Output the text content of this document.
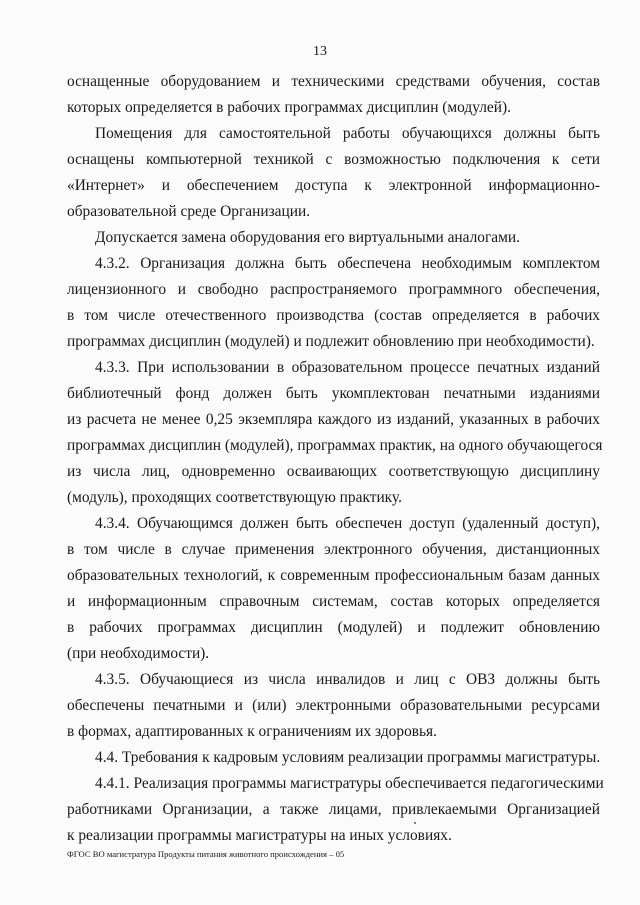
13
оснащенные оборудованием и техническими средствами обучения, состав
которых определяется в рабочих программах дисциплин (модулей).
Помещения для самостоятельной работы обучающихся должны быть
оснащены компьютерной техникой с возможностью подключения к сети
«Интернет» и обеспечением доступа к электронной информационно-
образовательной среде Организации.
Допускается замена оборудования его виртуальными аналогами.
4.3.2. Организация должна быть обеспечена необходимым комплектом
лицензионного и свободно распространяемого программного обеспечения,
в том числе отечественного производства (состав определяется в рабочих
программах дисциплин (модулей) и подлежит обновлению при необходимости).
4.3.3. При использовании в образовательном процессе печатных изданий
библиотечный фонд должен быть укомплектован печатными изданиями
из расчета не менее 0,25 экземпляра каждого из изданий, указанных в рабочих
программах дисциплин (модулей), программах практик, на одного обучающегося
из числа лиц, одновременно осваивающих соответствующую дисциплину
(модуль), проходящих соответствующую практику.
4.3.4. Обучающимся должен быть обеспечен доступ (удаленный доступ),
в том числе в случае применения электронного обучения, дистанционных
образовательных технологий, к современным профессиональным базам данных
и информационным справочным системам, состав которых определяется
в рабочих программах дисциплин (модулей) и подлежит обновлению
(при необходимости).
4.3.5. Обучающиеся из числа инвалидов и лиц с ОВЗ должны быть
обеспечены печатными и (или) электронными образовательными ресурсами
в формах, адаптированных к ограничениям их здоровья.
4.4. Требования к кадровым условиям реализации программы магистратуры.
4.4.1. Реализация программы магистратуры обеспечивается педагогическими
работниками Организации, а также лицами, привлекаемыми Организацией
к реализации программы магистратуры на иных условиях.
ФГОС ВО магистратура Продукты питания животного происхождения – 05
